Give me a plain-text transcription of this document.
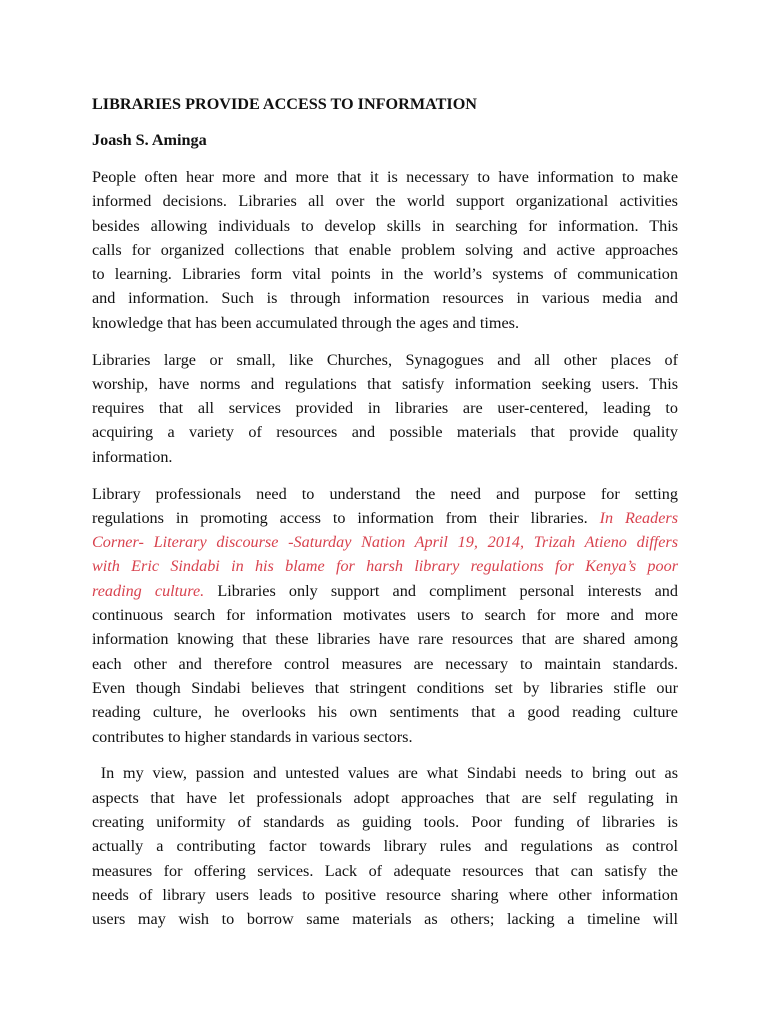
LIBRARIES PROVIDE ACCESS TO INFORMATION
Joash S. Aminga
People often hear more and more that it is necessary to have information to make
informed decisions. Libraries all over the world support organizational activities
besides allowing individuals to develop skills in searching for information. This
calls for organized collections that enable problem solving and active approaches
to learning. Libraries form vital points in the world’s systems of communication
and information. Such is through information resources in various media and
knowledge that has been accumulated through the ages and times.
Libraries large or small, like Churches, Synagogues and all other places of
worship, have norms and regulations that satisfy information seeking users. This
requires that all services provided in libraries are user-centered, leading to
acquiring a variety of resources and possible materials that provide quality
information.
Library professionals need to understand the need and purpose for setting
regulations in promoting access to information from their libraries. In Readers
Corner- Literary discourse -Saturday Nation April 19, 2014, Trizah Atieno differs
with Eric Sindabi in his blame for harsh library regulations for Kenya’s poor
reading culture. Libraries only support and compliment personal interests and
continuous search for information motivates users to search for more and more
information knowing that these libraries have rare resources that are shared among
each other and therefore control measures are necessary to maintain standards.
Even though Sindabi believes that stringent conditions set by libraries stifle our
reading culture, he overlooks his own sentiments that a good reading culture
contributes to higher standards in various sectors.
In my view, passion and untested values are what Sindabi needs to bring out as
aspects that have let professionals adopt approaches that are self regulating in
creating uniformity of standards as guiding tools. Poor funding of libraries is
actually a contributing factor towards library rules and regulations as control
measures for offering services. Lack of adequate resources that can satisfy the
needs of library users leads to positive resource sharing where other information
users may wish to borrow same materials as others; lacking a timeline will
